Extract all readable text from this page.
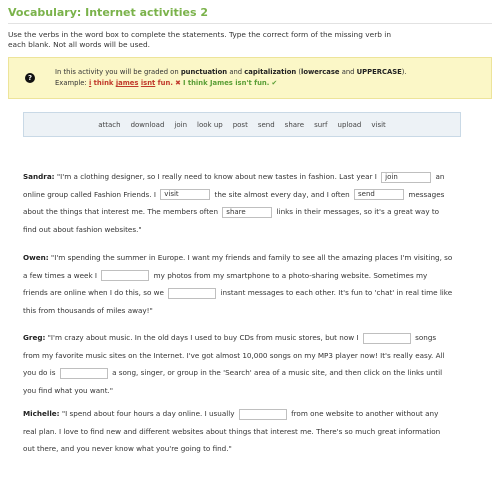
Vocabulary: Internet activities 2
Use the verbs in the word box to complete the statements. Type the correct form of the missing verb in each blank. Not all words will be used.
?
In this activity you will be graded on punctuation and capitalization (lowercase and UPPERCASE).
Example: i think james isnt fun. ✖ I think James isn't fun. ✔
attach download join look up post send share surf upload visit
Sandra: "I'm a clothing designer, so I really need to know about new tastes in fashion. Last year I join	an online group called Fashion Friends. I visit	the site almost every day, and I often send	messages about the things that interest me. The members often share	links in their messages, so it's a great way to find out about fashion websites."
Owen: "I'm spending the summer in Europe. I want my friends and family to see all the amazing places I'm visiting, so a few times a week I	my photos from my smartphone to a photo-sharing website. Sometimes my friends are online when I do this, so we	instant messages to each other. It's fun to 'chat' in real time like this from thousands of miles away!"
Greg: "I'm crazy about music. In the old days I used to buy CDs from music stores, but now I	songs from my favorite music sites on the Internet. I've got almost 10,000 songs on my MP3 player now! It's really easy. All you do is	a song, singer, or group in the 'Search' area of a music site, and then click on the links until you find what you want."
Michelle: "I spend about four hours a day online. I usually	from one website to another without any real plan. I love to find new and different websites about things that interest me. There's so much great information out there, and you never know what you're going to find."
